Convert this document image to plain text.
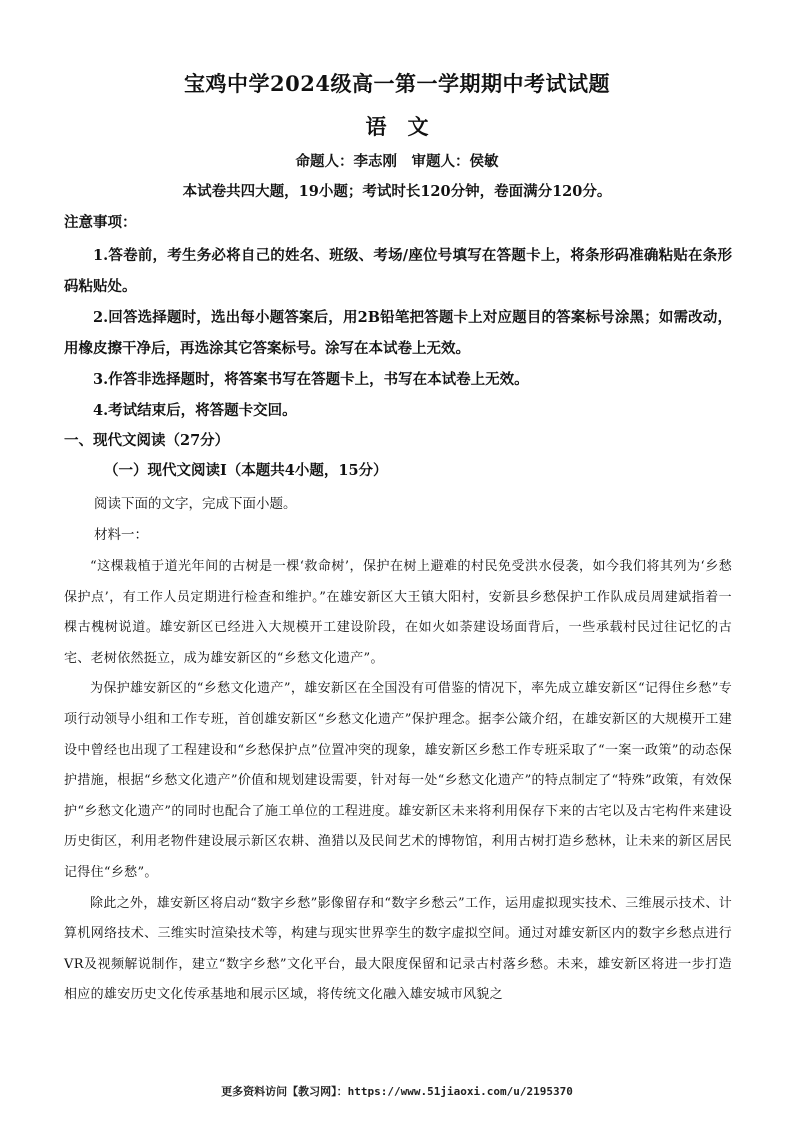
宝鸡中学2024级高一第一学期期中考试试题
语　文
命题人：李志刚　审题人：侯敏
本试卷共四大题，19小题；考试时长120分钟，卷面满分120分。
注意事项：

1.答卷前，考生务必将自己的姓名、班级、考场/座位号填写在答题卡上，将条形码准确粘贴在条形码粘贴处。

2.回答选择题时，选出每小题答案后，用2B铅笔把答题卡上对应题目的答案标号涂黑；如需改动，用橡皮擦干净后，再选涂其它答案标号。涂写在本试卷上无效。

3.作答非选择题时，将答案书写在答题卡上，书写在本试卷上无效。

4.考试结束后，将答题卡交回。

一、现代文阅读（27分）
（一）现代文阅读Ⅰ（本题共4小题，15分）
阅读下面的文字，完成下面小题。
材料一：

“这棵栽植于道光年间的古树是一棵‘救命树’，保护在树上避难的村民免受洪水侵袭，如今我们将其列为‘乡愁保护点’，有工作人员定期进行检查和维护。”在雄安新区大王镇大阳村，安新县乡愁保护工作队成员周建斌指着一棵古槐树说道。雄安新区已经进入大规模开工建设阶段，在如火如荼建设场面背后，一些承载村民过往记忆的古宅、老树依然挺立，成为雄安新区的“乡愁文化遗产”。

为保护雄安新区的“乡愁文化遗产”，雄安新区在全国没有可借鉴的情况下，率先成立雄安新区“记得住乡愁”专项行动领导小组和工作专班，首创雄安新区“乡愁文化遗产”保护理念。据李公箴介绍，在雄安新区的大规模开工建设中曾经也出现了工程建设和“乡愁保护点”位置冲突的现象，雄安新区乡愁工作专班采取了“一案一政策”的动态保护措施，根据“乡愁文化遗产”价值和规划建设需要，针对每一处“乡愁文化遗产”的特点制定了“特殊”政策，有效保护“乡愁文化遗产”的同时也配合了施工单位的工程进度。雄安新区未来将利用保存下来的古宅以及古宅构件来建设历史街区，利用老物件建设展示新区农耕、渔猎以及民间艺术的博物馆，利用古树打造乡愁林，让未来的新区居民记得住“乡愁”。

除此之外，雄安新区将启动“数字乡愁”影像留存和“数字乡愁云”工作，运用虚拟现实技术、三维展示技术、计算机网络技术、三维实时渲染技术等，构建与现实世界孪生的数字虚拟空间。通过对雄安新区内的数字乡愁点进行VR及视频解说制作，建立“数字乡愁”文化平台，最大限度保留和记录古村落乡愁。未来，雄安新区将进一步打造相应的雄安历史文化传承基地和展示区域，将传统文化融入雄安城市风貌之

更多资料访问【教习网】：https://www.51jiaoxi.com/u/2195370
